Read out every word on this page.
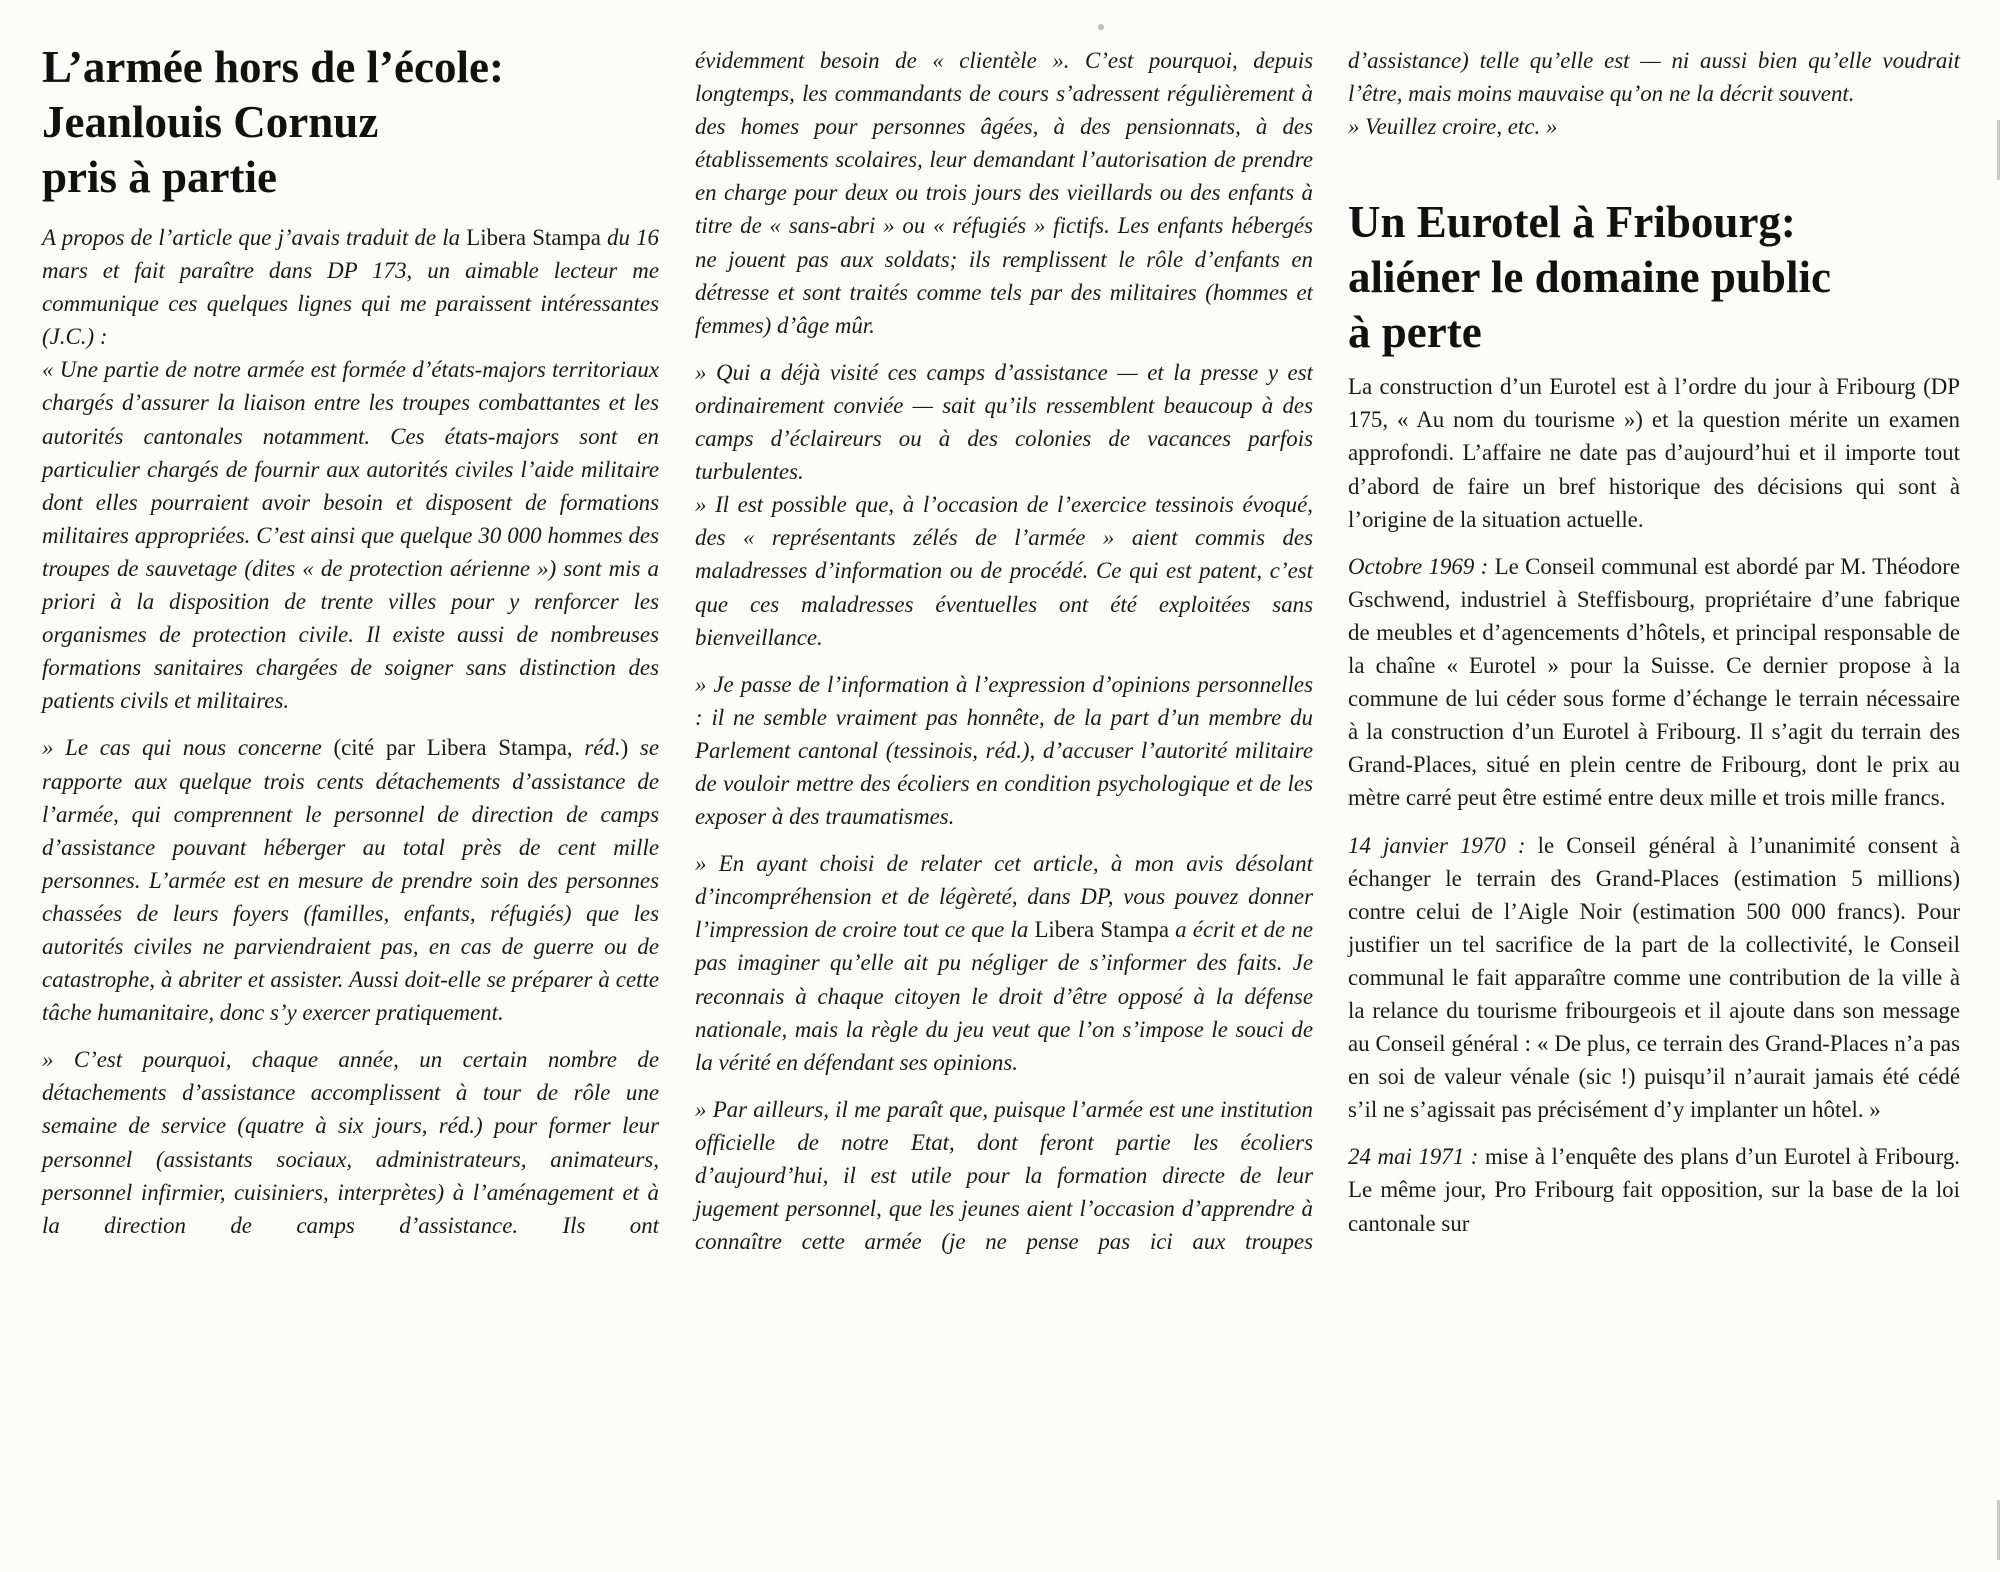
L’armée hors de l’école:
Jeanlouis Cornuz
pris à partie

A propos de l’article que j’avais traduit de la Libera Stampa du 16 mars et fait paraître dans DP 173, un aimable lecteur me communique ces quelques lignes qui me paraissent intéressantes (J.C.) :

« Une partie de notre armée est formée d’états-majors territoriaux chargés d’assurer la liaison entre les troupes combattantes et les autorités cantonales notamment. Ces états-majors sont en particulier chargés de fournir aux autorités civiles l’aide militaire dont elles pourraient avoir besoin et disposent de formations militaires appropriées. C’est ainsi que quelque 30 000 hommes des troupes de sauvetage (dites « de protection aérienne ») sont mis a priori à la disposition de trente villes pour y renforcer les organismes de protection civile. Il existe aussi de nombreuses formations sanitaires chargées de soigner sans distinction des patients civils et militaires.

» Le cas qui nous concerne (cité par Libera Stampa, réd.) se rapporte aux quelque trois cents détachements d’assistance de l’armée, qui comprennent le personnel de direction de camps d’assistance pouvant héberger au total près de cent mille personnes. L’armée est en mesure de prendre soin des personnes chassées de leurs foyers (familles, enfants, réfugiés) que les autorités civiles ne parviendraient pas, en cas de guerre ou de catastrophe, à abriter et assister. Aussi doit-elle se préparer à cette tâche humanitaire, donc s’y exercer pratiquement.

» C’est pourquoi, chaque année, un certain nombre de détachements d’assistance accomplissent à tour de rôle une semaine de service (quatre à six jours, réd.) pour former leur personnel (assistants sociaux, administrateurs, animateurs, personnel infirmier, cuisiniers, interprètes) à l’aménagement et à la direction de camps d’assistance. Ils ont

évidemment besoin de « clientèle ». C’est pourquoi, depuis longtemps, les commandants de cours s’adressent régulièrement à des homes pour personnes âgées, à des pensionnats, à des établissements scolaires, leur demandant l’autorisation de prendre en charge pour deux ou trois jours des vieillards ou des enfants à titre de « sans-abri » ou « réfugiés » fictifs. Les enfants hébergés ne jouent pas aux soldats; ils remplissent le rôle d’enfants en détresse et sont traités comme tels par des militaires (hommes et femmes) d’âge mûr.

» Qui a déjà visité ces camps d’assistance — et la presse y est ordinairement conviée — sait qu’ils ressemblent beaucoup à des camps d’éclaireurs ou à des colonies de vacances parfois turbulentes.

» Il est possible que, à l’occasion de l’exercice tessinois évoqué, des « représentants zélés de l’armée » aient commis des maladresses d’information ou de procédé. Ce qui est patent, c’est que ces maladresses éventuelles ont été exploitées sans bienveillance.

» Je passe de l’information à l’expression d’opinions personnelles : il ne semble vraiment pas honnête, de la part d’un membre du Parlement cantonal (tessinois, réd.), d’accuser l’autorité militaire de vouloir mettre des écoliers en condition psychologique et de les exposer à des traumatismes.

» En ayant choisi de relater cet article, à mon avis désolant d’incompréhension et de légèreté, dans DP, vous pouvez donner l’impression de croire tout ce que la Libera Stampa a écrit et de ne pas imaginer qu’elle ait pu négliger de s’informer des faits. Je reconnais à chaque citoyen le droit d’être opposé à la défense nationale, mais la règle du jeu veut que l’on s’impose le souci de la vérité en défendant ses opinions.

» Par ailleurs, il me paraît que, puisque l’armée est une institution officielle de notre Etat, dont feront partie les écoliers d’aujourd’hui, il est utile pour la formation directe de leur jugement personnel, que les jeunes aient l’occasion d’apprendre à connaître cette armée (je ne pense pas ici aux troupes

d’assistance) telle qu’elle est — ni aussi bien qu’elle voudrait l’être, mais moins mauvaise qu’on ne la décrit souvent.

» Veuillez croire, etc. »

Un Eurotel à Fribourg:
aliéner le domaine public
à perte

La construction d’un Eurotel est à l’ordre du jour à Fribourg (DP 175, « Au nom du tourisme ») et la question mérite un examen approfondi. L’affaire ne date pas d’aujourd’hui et il importe tout d’abord de faire un bref historique des décisions qui sont à l’origine de la situation actuelle.

Octobre 1969 : Le Conseil communal est abordé par M. Théodore Gschwend, industriel à Steffisbourg, propriétaire d’une fabrique de meubles et d’agencements d’hôtels, et principal responsable de la chaîne « Eurotel » pour la Suisse. Ce dernier propose à la commune de lui céder sous forme d’échange le terrain nécessaire à la construction d’un Eurotel à Fribourg. Il s’agit du terrain des Grand-Places, situé en plein centre de Fribourg, dont le prix au mètre carré peut être estimé entre deux mille et trois mille francs.

14 janvier 1970 : le Conseil général à l’unanimité consent à échanger le terrain des Grand-Places (estimation 5 millions) contre celui de l’Aigle Noir (estimation 500 000 francs). Pour justifier un tel sacrifice de la part de la collectivité, le Conseil communal le fait apparaître comme une contribution de la ville à la relance du tourisme fribourgeois et il ajoute dans son message au Conseil général : « De plus, ce terrain des Grand-Places n’a pas en soi de valeur vénale (sic !) puisqu’il n’aurait jamais été cédé s’il ne s’agissait pas précisément d’y implanter un hôtel. »

24 mai 1971 : mise à l’enquête des plans d’un Eurotel à Fribourg. Le même jour, Pro Fribourg fait opposition, sur la base de la loi cantonale sur
